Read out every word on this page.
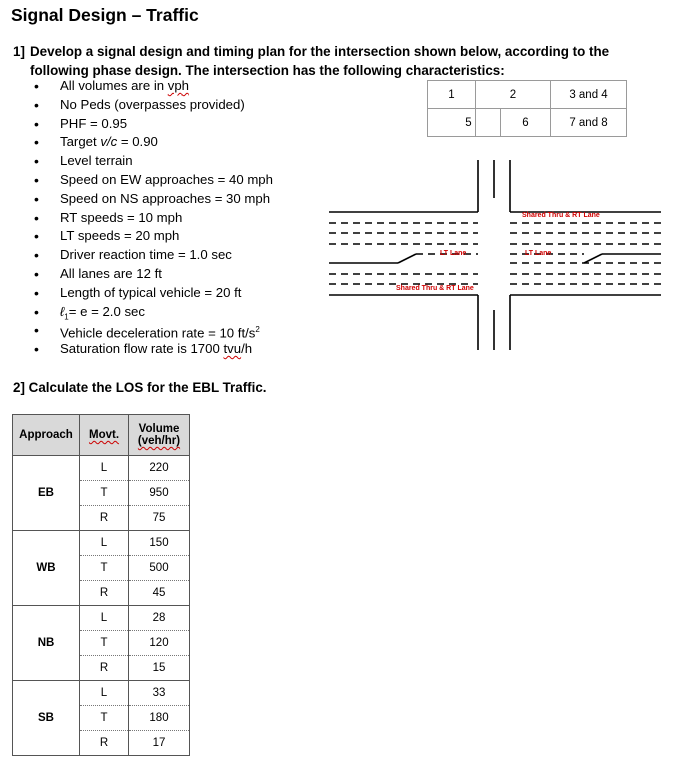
Signal Design – Traffic
1] Develop a signal design and timing plan for the intersection shown below, according to the following phase design. The intersection has the following characteristics:
• All volumes are in vph
• No Peds (overpasses provided)
• PHF = 0.95
• Target v/c = 0.90
• Level terrain
• Speed on EW approaches = 40 mph
• Speed on NS approaches = 30 mph
• RT speeds = 10 mph
• LT speeds = 20 mph
• Driver reaction time = 1.0 sec
• All lanes are 12 ft
• Length of typical vehicle = 20 ft
• ℓ$_1$= e = 2.0 sec
• Vehicle deceleration rate = 10 $ft/s^2$
• Saturation flow rate is 1700 tvu/h
1	2		3 and 4
5		6	7 and 8
Shared Thru & RT Lane
LT Lane	LT Lane
Shared Thru & RT Lane
2] Calculate the LOS for the EBL Traffic.
Approach	Movt.	Volume
(veh/hr)
EB	L	220
	T	950
	R	75
WB	L	150
	T	500
	R	45
NB	L	28
	T	120
	R	15
SB	L	33
	T	180
	R	17
